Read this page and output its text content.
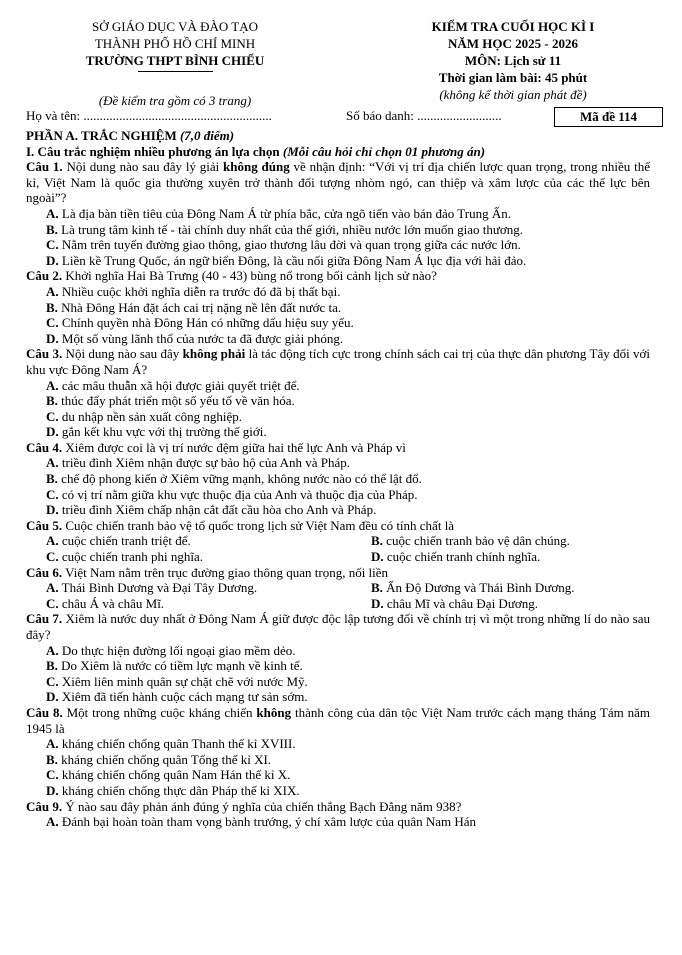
SỞ GIÁO DỤC VÀ ĐÀO TẠO
THÀNH PHỐ HỒ CHÍ MINH
TRƯỜNG THPT BÌNH CHIỂU
(Đề kiểm tra gồm có 3 trang)
KIỂM TRA CUỐI HỌC KÌ I
NĂM HỌC 2025 - 2026
MÔN: Lịch sử 11
Thời gian làm bài: 45 phút
(không kể thời gian phát đề)
Họ và tên: ..........................................................	Số báo danh: ..........................	Mã đề 114

PHẦN A. TRẮC NGHIỆM (7,0 điểm)

I. Câu trắc nghiệm nhiều phương án lựa chọn (Mỗi câu hỏi chỉ chọn 01 phương án)

Câu 1. Nội dung nào sau đây lý giải không đúng về nhận định: “Với vị trí địa chiến lược quan trọng, trong nhiều thế kỉ, Việt Nam là quốc gia thường xuyên trở thành đối tượng nhòm ngó, can thiệp và xâm lược của các thế lực bên ngoài”?

A. Là địa bàn tiền tiêu của Đông Nam Á từ phía bắc, cửa ngõ tiến vào bán đảo Trung Ấn.

B. Là trung tâm kinh tế - tài chính duy nhất của thế giới, nhiều nước lớn muốn giao thương.

C. Nằm trên tuyến đường giao thông, giao thương lâu đời và quan trọng giữa các nước lớn.

D. Liền kề Trung Quốc, án ngữ biển Đông, là cầu nối giữa Đông Nam Á lục địa với hải đảo.

Câu 2. Khởi nghĩa Hai Bà Trưng (40 - 43) bùng nổ trong bối cảnh lịch sử nào?

A. Nhiều cuộc khởi nghĩa diễn ra trước đó đã bị thất bại.

B. Nhà Đông Hán đặt ách cai trị nặng nề lên đất nước ta.

C. Chính quyền nhà Đông Hán có những dấu hiệu suy yếu.

D. Một số vùng lãnh thổ của nước ta đã được giải phóng.

Câu 3. Nội dung nào sau đây không phải là tác động tích cực trong chính sách cai trị của thực dân phương Tây đối với khu vực Đông Nam Á?

A. các mâu thuẫn xã hội được giải quyết triệt để.

B. thúc đẩy phát triển một số yếu tố về văn hóa.

C. du nhập nền sản xuất công nghiệp.

D. gắn kết khu vực với thị trường thế giới.

Câu 4. Xiêm được coi là vị trí nước đệm giữa hai thế lực Anh và Pháp vì

A. triều đình Xiêm nhận được sự bảo hộ của Anh và Pháp.

B. chế độ phong kiến ở Xiêm vững mạnh, không nước nào có thể lật đổ.

C. có vị trí nằm giữa khu vực thuộc địa của Anh và thuộc địa của Pháp.

D. triều đình Xiêm chấp nhận cắt đất cầu hòa cho Anh và Pháp.

Câu 5. Cuộc chiến tranh bảo vệ tổ quốc trong lịch sử Việt Nam đều có tính chất là

A. cuộc chiến tranh triệt để.	B. cuộc chiến tranh bảo vệ dân chúng.
C. cuộc chiến tranh phi nghĩa.	D. cuộc chiến tranh chính nghĩa.

Câu 6. Việt Nam nằm trên trục đường giao thông quan trọng, nối liền

A. Thái Bình Dương và Đại Tây Dương.	B. Ấn Độ Dương và Thái Bình Dương.
C. châu Á và châu Mĩ.	D. châu Mĩ và châu Đại Dương.

Câu 7. Xiêm là nước duy nhất ở Đông Nam Á giữ được độc lập tương đối về chính trị vì một trong những lí do nào sau đây?

A. Do thực hiện đường lối ngoại giao mềm dẻo.

B. Do Xiêm là nước có tiềm lực mạnh về kinh tế.

C. Xiêm liên minh quân sự chặt chẽ với nước Mỹ.

D. Xiêm đã tiến hành cuộc cách mạng tư sản sớm.

Câu 8. Một trong những cuộc kháng chiến không thành công của dân tộc Việt Nam trước cách mạng tháng Tám năm 1945 là

A. kháng chiến chống quân Thanh thế kỉ XVIII.

B. kháng chiến chống quân Tống thế kỉ XI.

C. kháng chiến chống quân Nam Hán thế kỉ X.

D. kháng chiến chống thực dân Pháp thế kỉ XIX.

Câu 9. Ý nào sau đây phản ánh đúng ý nghĩa của chiến thắng Bạch Đằng năm 938?

A. Đánh bại hoàn toàn tham vọng bành trướng, ý chí xâm lược của quân Nam Hán
